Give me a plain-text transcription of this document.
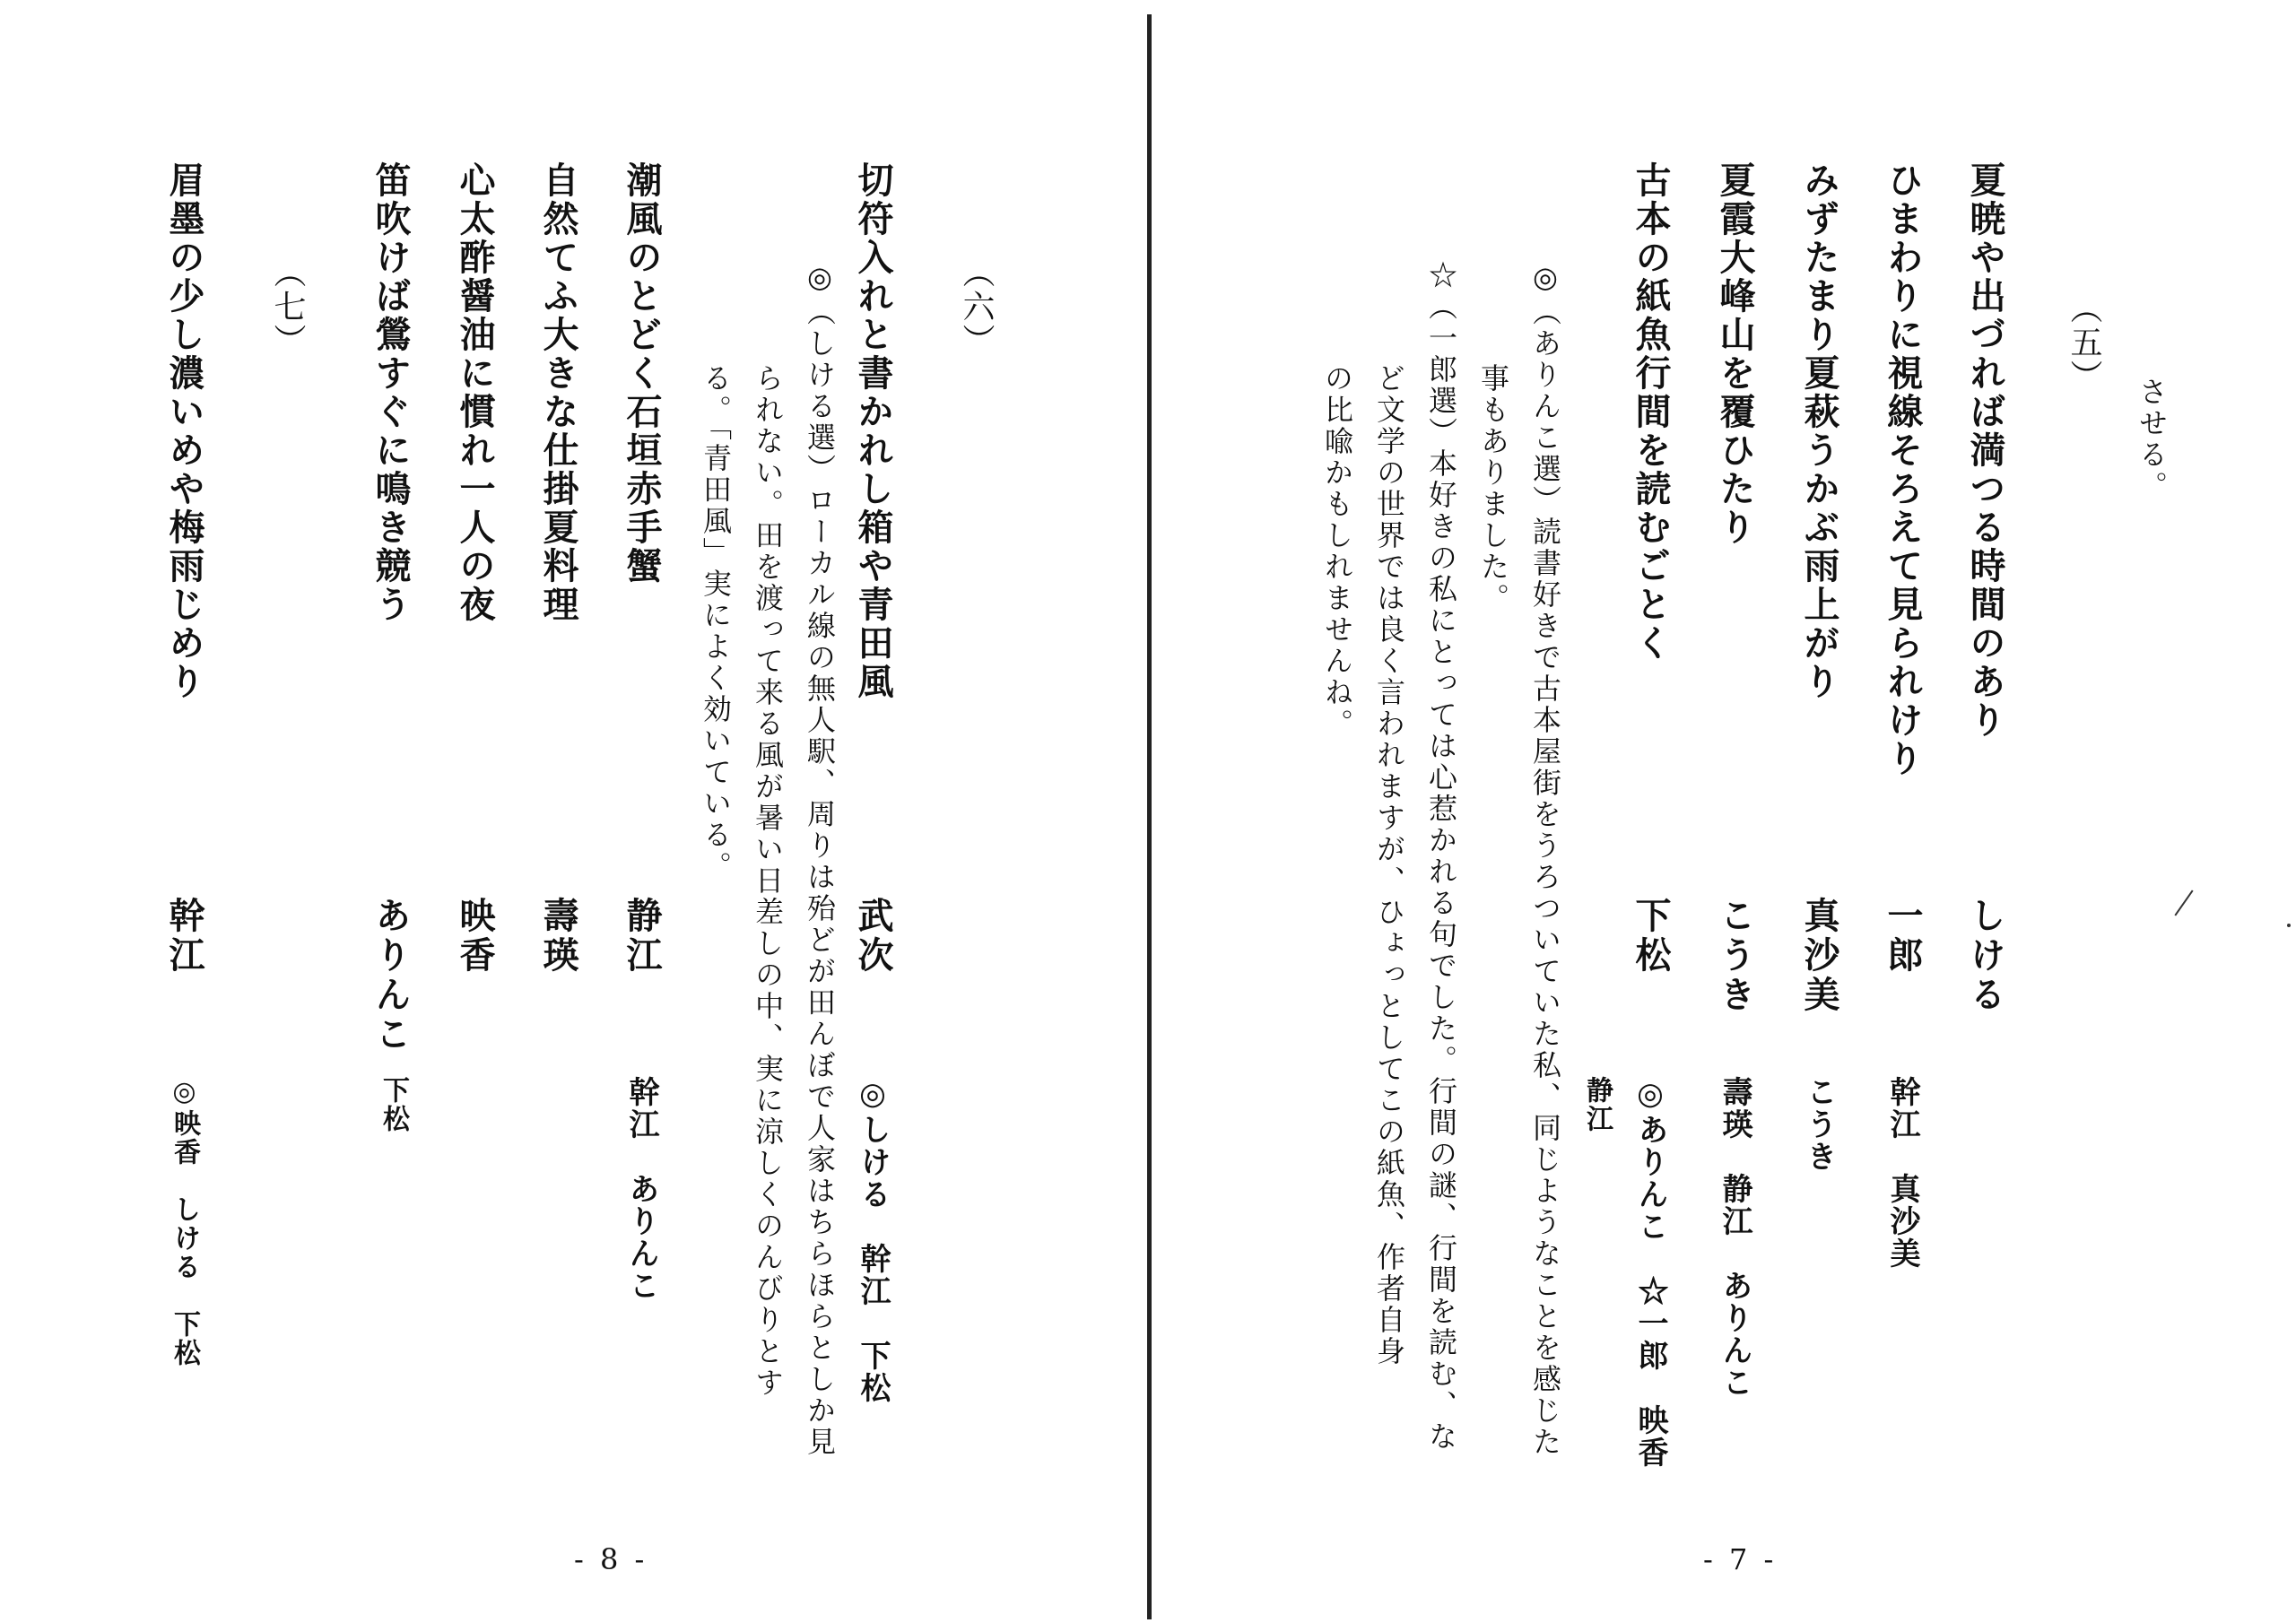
させる。
（五）
夏暁や出づれば満つる時間のあり
しける
ひまわりに視線そろえて見られけり
一郎
幹江　真沙美
みずたまり夏萩うかぶ雨上がり
真沙美
こうき
夏霞大峰山を覆ひたり
こうき
壽瑛　静江　ありんこ
古本の紙魚行間を読むごとく
下松
◎ありんこ　☆一郎　映香
静江
◎（ありんこ選）読書好きで古本屋街をうろついていた私、同じようなことを感じた
事もありました。
☆（一郎選）本好きの私にとっては心惹かれる句でした。行間の謎、行間を読む、な
ど文学の世界では良く言われますが、ひょっとしてこの紙魚、作者自身
の比喩かもしれませんね。
- 7 -
（六）
切符入れと書かれし箱や青田風
武次
◎しける　幹江　下松
◎（しける選）ローカル線の無人駅、周りは殆どが田んぼで人家はちらほらとしか見
られない。田を渡って来る風が暑い日差しの中、実に涼しくのんびりとす
る。「青田風」実によく効いている。
潮風のとどく石垣赤手蟹
静江
幹江　ありんこ
自然てふ大きな仕掛夏料理
壽瑛
心太酢醤油に慣れ一人の夜
映香
笛吹けば鶯すぐに鳴き競う
ありんこ
下松
（七）
眉墨の少し濃いめや梅雨じめり
幹江
◎映香　しける　下松
- 8 -
